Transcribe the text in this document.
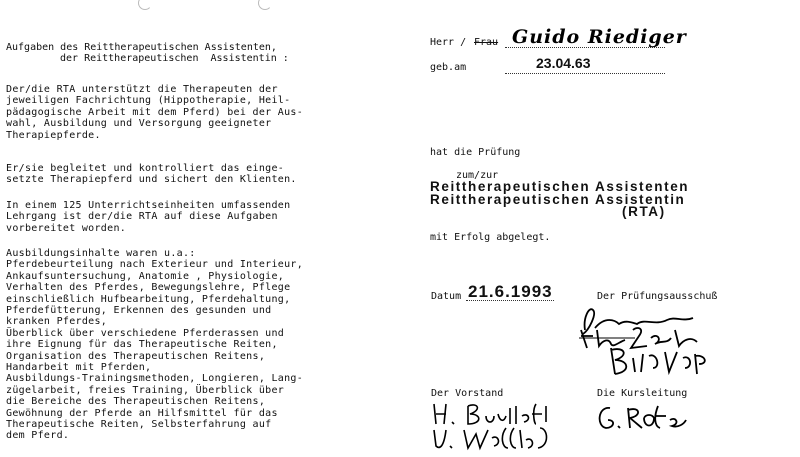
Aufgaben des Reittherapeutischen Assistenten,
der Reittherapeutischen  Assistentin :
Der/die RTA unterstützt die Therapeuten der
jeweiligen Fachrichtung (Hippotherapie, Heil-
pädagogische Arbeit mit dem Pferd) bei der Aus-
wahl, Ausbildung und Versorgung geeigneter
Therapiepferde.
Er/sie begleitet und kontrolliert das einge-
setzte Therapiepferd und sichert den Klienten.
In einem 125 Unterrichtseinheiten umfassenden
Lehrgang ist der/die RTA auf diese Aufgaben
vorbereitet worden.
Ausbildungsinhalte waren u.a.:
Pferdebeurteilung nach Exterieur und Interieur,
Ankaufsuntersuchung, Anatomie , Physiologie,
Verhalten des Pferdes, Bewegungslehre, Pflege
einschließlich Hufbearbeitung, Pferdehaltung,
Pferdefütterung, Erkennen des gesunden und
kranken Pferdes,
Überblick über verschiedene Pferderassen und
ihre Eignung für das Therapeutische Reiten,
Organisation des Therapeutischen Reitens,
Handarbeit mit Pferden,
Ausbildungs-Trainingsmethoden, Longieren, Lang-
zügelarbeit, freies Training, Überblick über
die Bereiche des Therapeutischen Reitens,
Gewöhnung der Pferde an Hilfsmittel für das
Therapeutische Reiten, Selbsterfahrung auf
dem Pferd.
Herr / Frau Guido Riediger
geb.am	23.04.63
hat die Prüfung
zum/zur
Reittherapeutischen Assistenten
Reittherapeutischen Assistentin
(RTA)
mit Erfolg abgelegt.
Datum 21.6.1993	Der Prüfungsausschuß
Der Vorstand	Die Kursleitung
